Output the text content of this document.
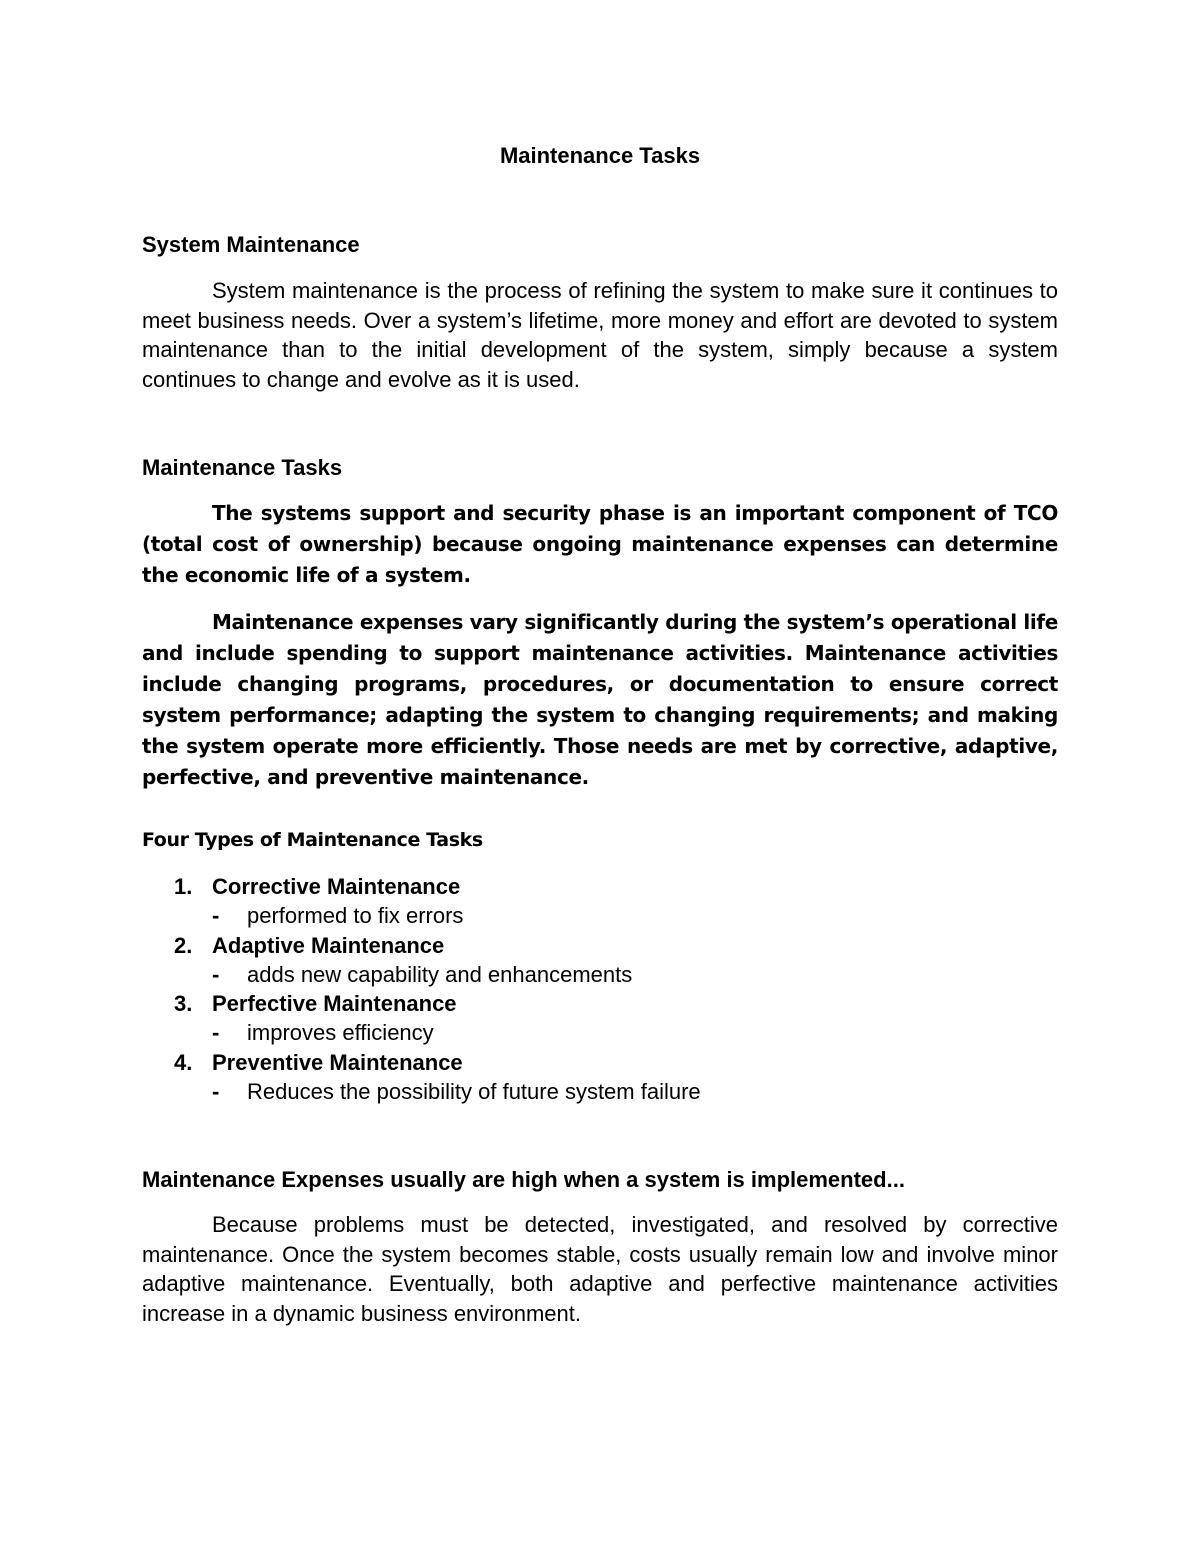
Maintenance Tasks

System Maintenance

System maintenance is the process of refining the system to make sure it continues to meet business needs. Over a system’s lifetime, more money and effort are devoted to system maintenance than to the initial development of the system, simply because a system continues to change and evolve as it is used.

Maintenance Tasks

The systems support and security phase is an important component of TCO (total cost of ownership) because ongoing maintenance expenses can determine the economic life of a system.

Maintenance expenses vary significantly during the system’s operational life and include spending to support maintenance activities. Maintenance activities include changing programs, procedures, or documentation to ensure correct system performance; adapting the system to changing requirements; and making the system operate more efficiently. Those needs are met by corrective, adaptive, perfective, and preventive maintenance.

Four Types of Maintenance Tasks

1. Corrective Maintenance
- performed to fix errors
2. Adaptive Maintenance
- adds new capability and enhancements
3. Perfective Maintenance
- improves efficiency
4. Preventive Maintenance
- Reduces the possibility of future system failure

Maintenance Expenses usually are high when a system is implemented...

Because problems must be detected, investigated, and resolved by corrective maintenance. Once the system becomes stable, costs usually remain low and involve minor adaptive maintenance. Eventually, both adaptive and perfective maintenance activities increase in a dynamic business environment.
